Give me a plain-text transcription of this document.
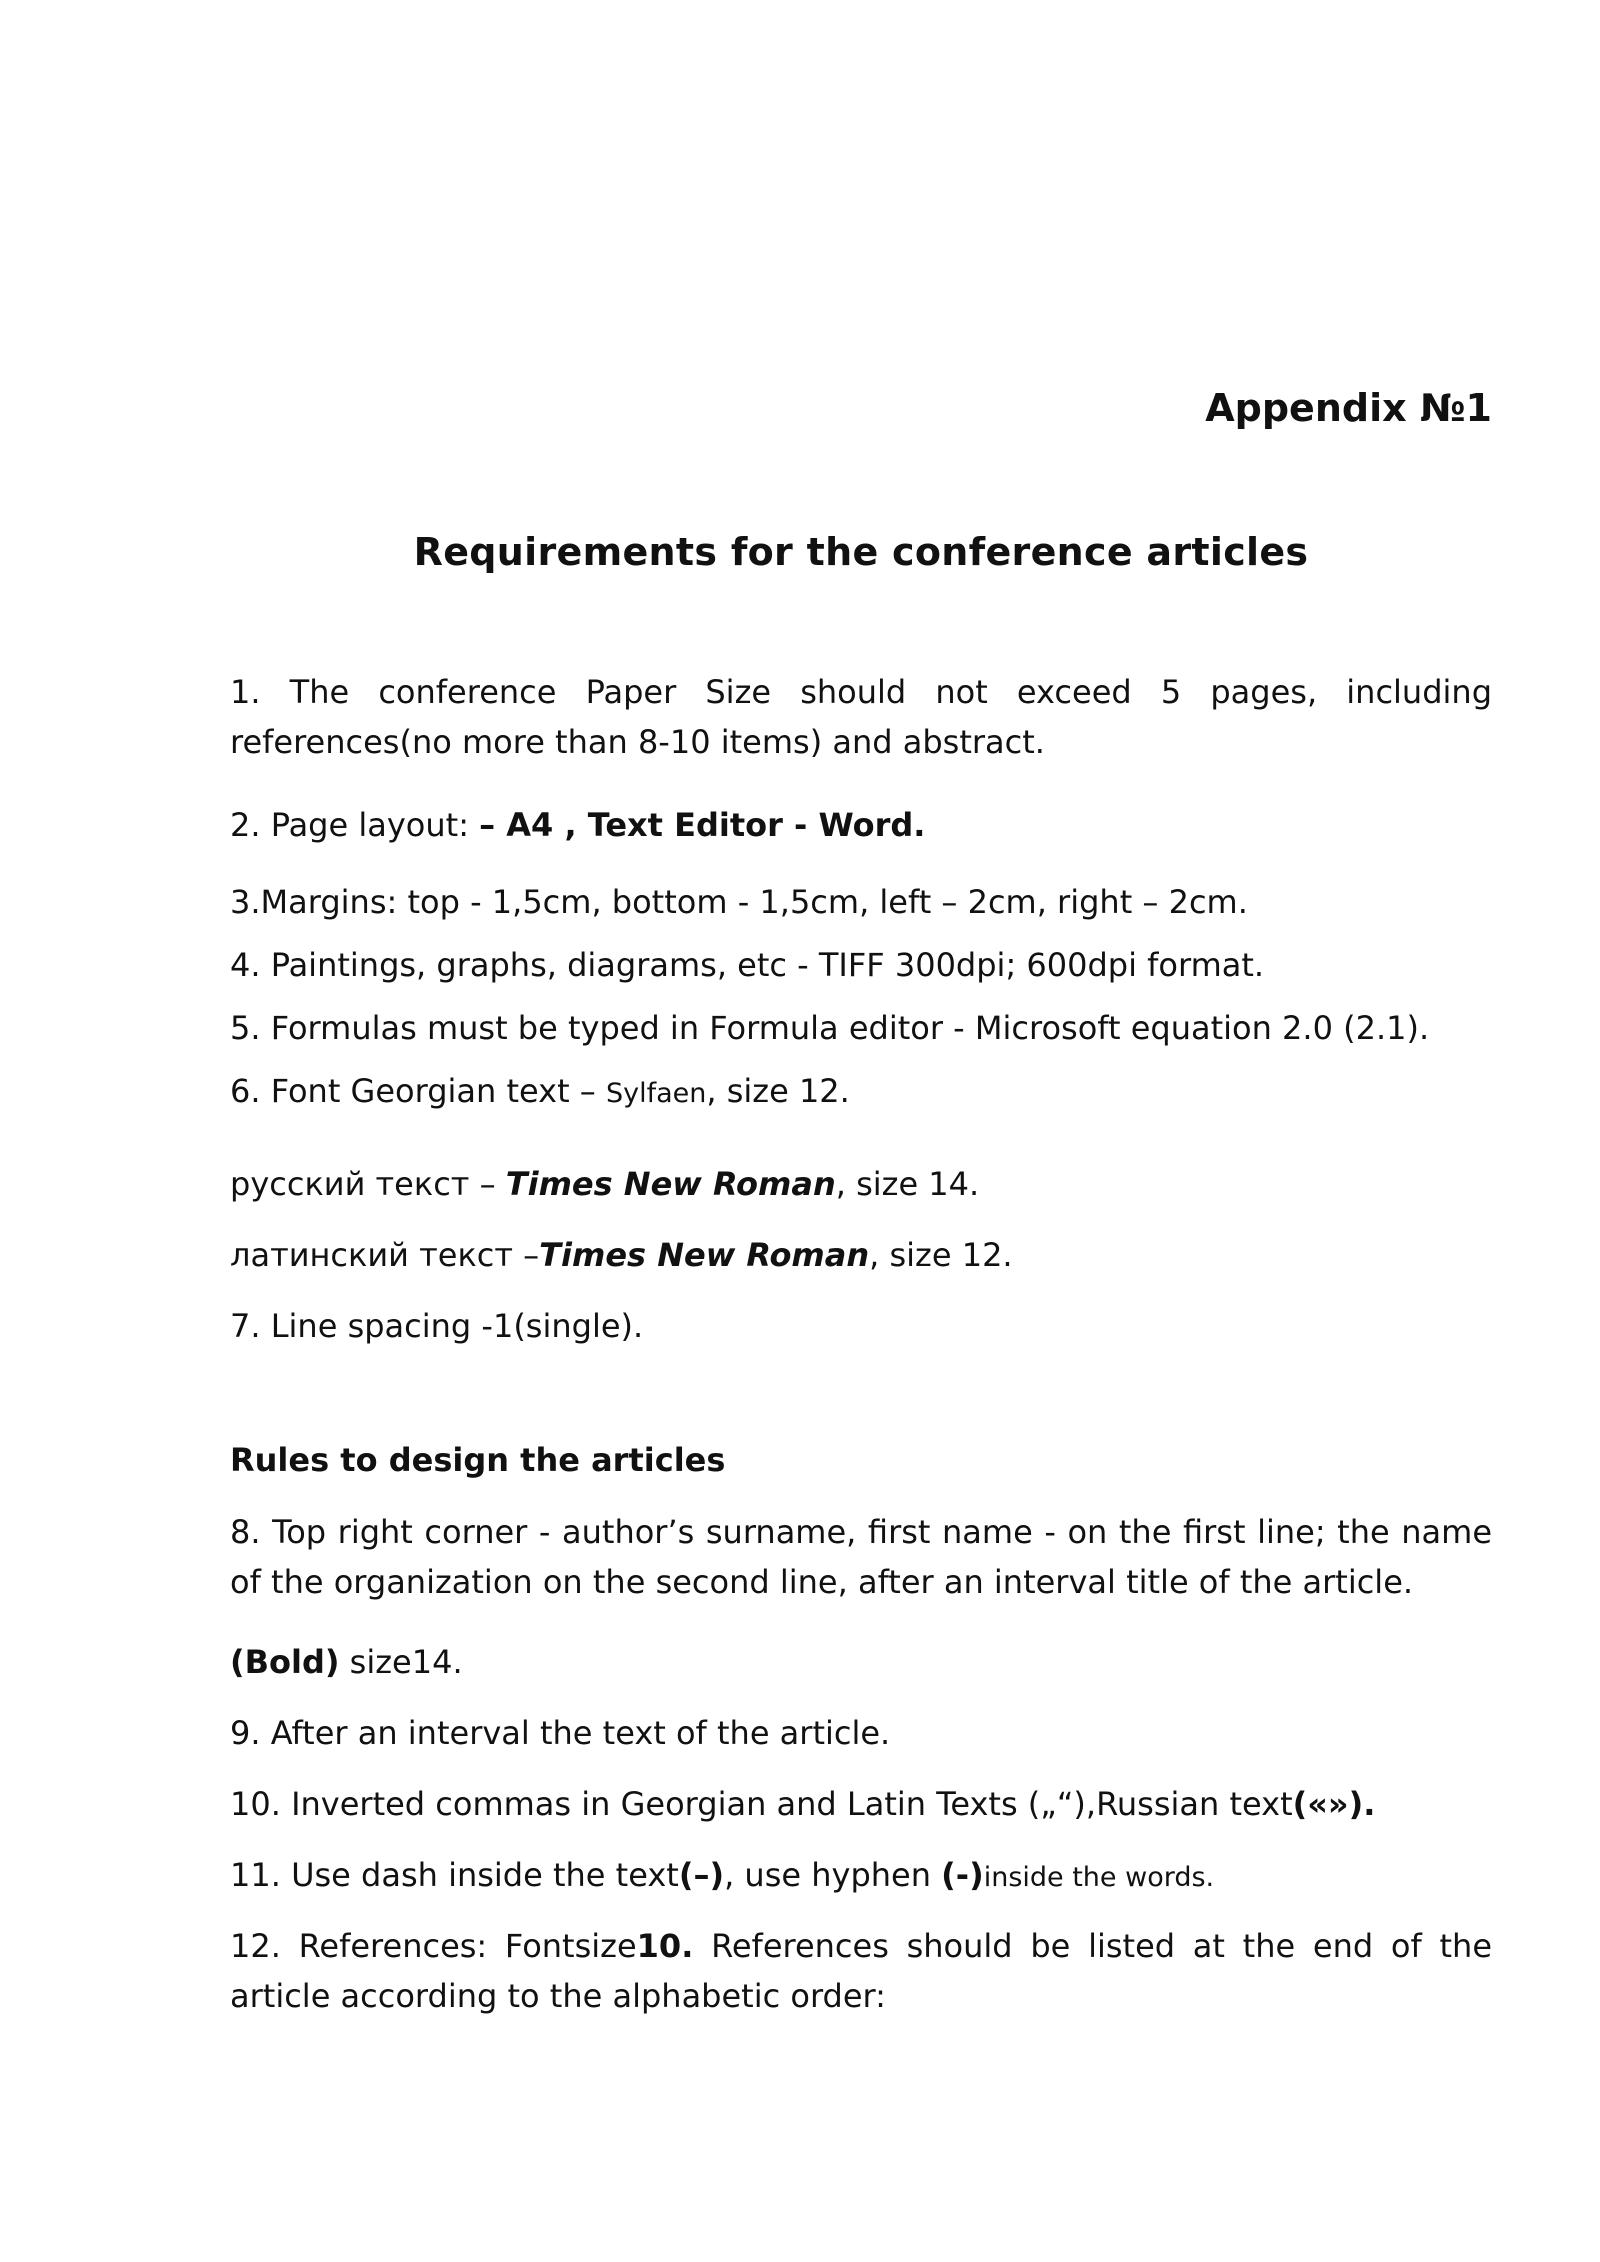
Appendix №1
Requirements for the conference articles
1. The conference Paper Size should not exceed 5 pages, including references(no more than 8-10 items) and abstract.
2. Page layout: – A4 , Text Editor - Word.
3.Margins: top - 1,5cm, bottom - 1,5cm, left – 2cm, right – 2cm.
4. Paintings, graphs, diagrams, etc - TIFF 300dpi; 600dpi format.
5. Formulas must be typed in Formula editor - Microsoft equation 2.0 (2.1).
6. Font Georgian text – Sylfaen, size 12.
русский текст – Times New Roman, size 14.
латинский текст –Times New Roman, size 12.
7. Line spacing -1(single).
Rules to design the articles
8. Top right corner - author’s surname, first name - on the first line; the name of the organization on the second line, after an interval title of the article.
(Bold) size14.
9. After an interval the text of the article.
10. Inverted commas in Georgian and Latin Texts („“),Russian text(«»).
11. Use dash inside the text(–), use hyphen (-)inside the words.
12. References: Fontsize10. References should be listed at the end of the article according to the alphabetic order:
